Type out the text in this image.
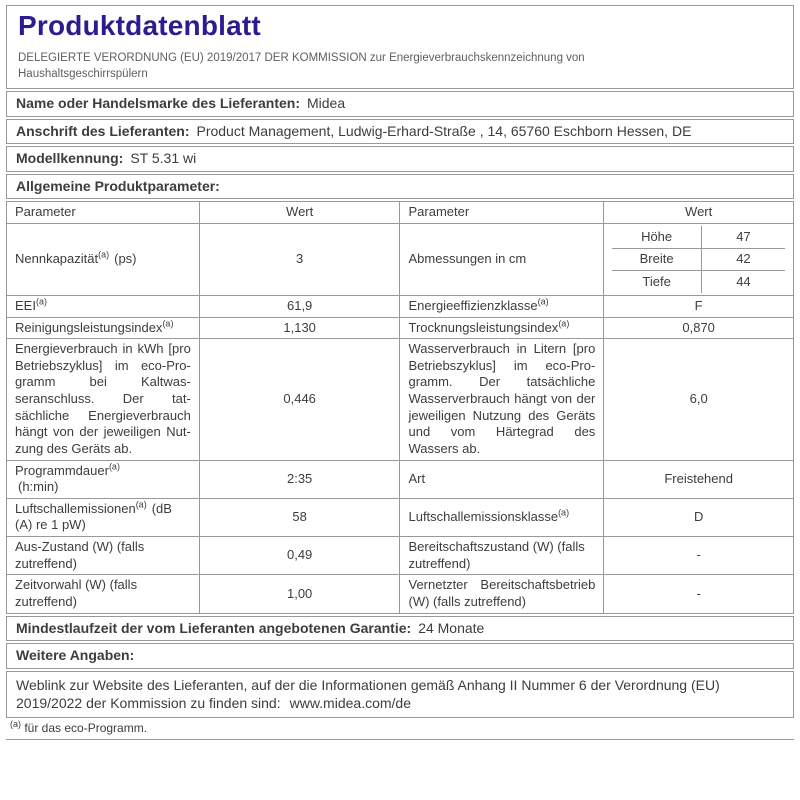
Produktdatenblatt

DELEGIERTE VERORDNUNG (EU) 2019/2017 DER KOMMISSION zur Energieverbrauchskennzeichnung von Haushaltsgeschirrspülern

Name oder Handelsmarke des Lieferanten: Midea
Anschrift des Lieferanten: Product Management, Ludwig-Erhard-Straße , 14, 65760 Eschborn Hessen, DE
Modellkennung: ST 5.31 wi
Allgemeine Produktparameter:
Parameter	Wert	Parameter	Wert
Nennkapazität$^{(a)}$ (ps)	3	Abmessungen in cm	
Höhe	47
Breite	42
Tiefe	44

EEI$^{(a)}$	61,9	Energieeffizienzklasse$^{(a)}$	F
Reinigungsleistungsindex$^{(a)}$	1,130	Trocknungsleistungsindex$^{(a)}$	0,870
Energieverbrauch in kWh [pro Betriebszyklus] im eco-Programm bei Kaltwasseranschluss. Der tatsächliche Energieverbrauch hängt von der jeweiligen Nutzung des Geräts ab.	0,446	Wasserverbrauch in Litern [pro Betriebszyklus] im eco-Programm. Der tatsächliche Wasserverbrauch hängt von der jeweiligen Nutzung des Geräts und vom Härtegrad des Wassers ab.	6,0
Programmdauer$^{(a)}$
(h:min)	2:35	Art	Freistehend
Luftschallemissionen$^{(a)}$ (dB (A) re 1 pW)	58	Luftschallemissionsklasse$^{(a)}$	D
Aus-Zustand (W) (falls zutreffend)	0,49	Bereitschaftszustand (W) (falls zutreffend)	-
Zeitvorwahl (W) (falls zutreffend)	1,00	Vernetzter Bereitschaftsbetrieb (W) (falls zutreffend)	-
Mindestlaufzeit der vom Lieferanten angebotenen Garantie: 24 Monate
Weitere Angaben:
Weblink zur Website des Lieferanten, auf der die Informationen gemäß Anhang II Nummer 6 der Verordnung (EU) 2019/2022 der Kommission zu finden sind: www.midea.com/de
$^{(a)}$ für das eco-Programm.
